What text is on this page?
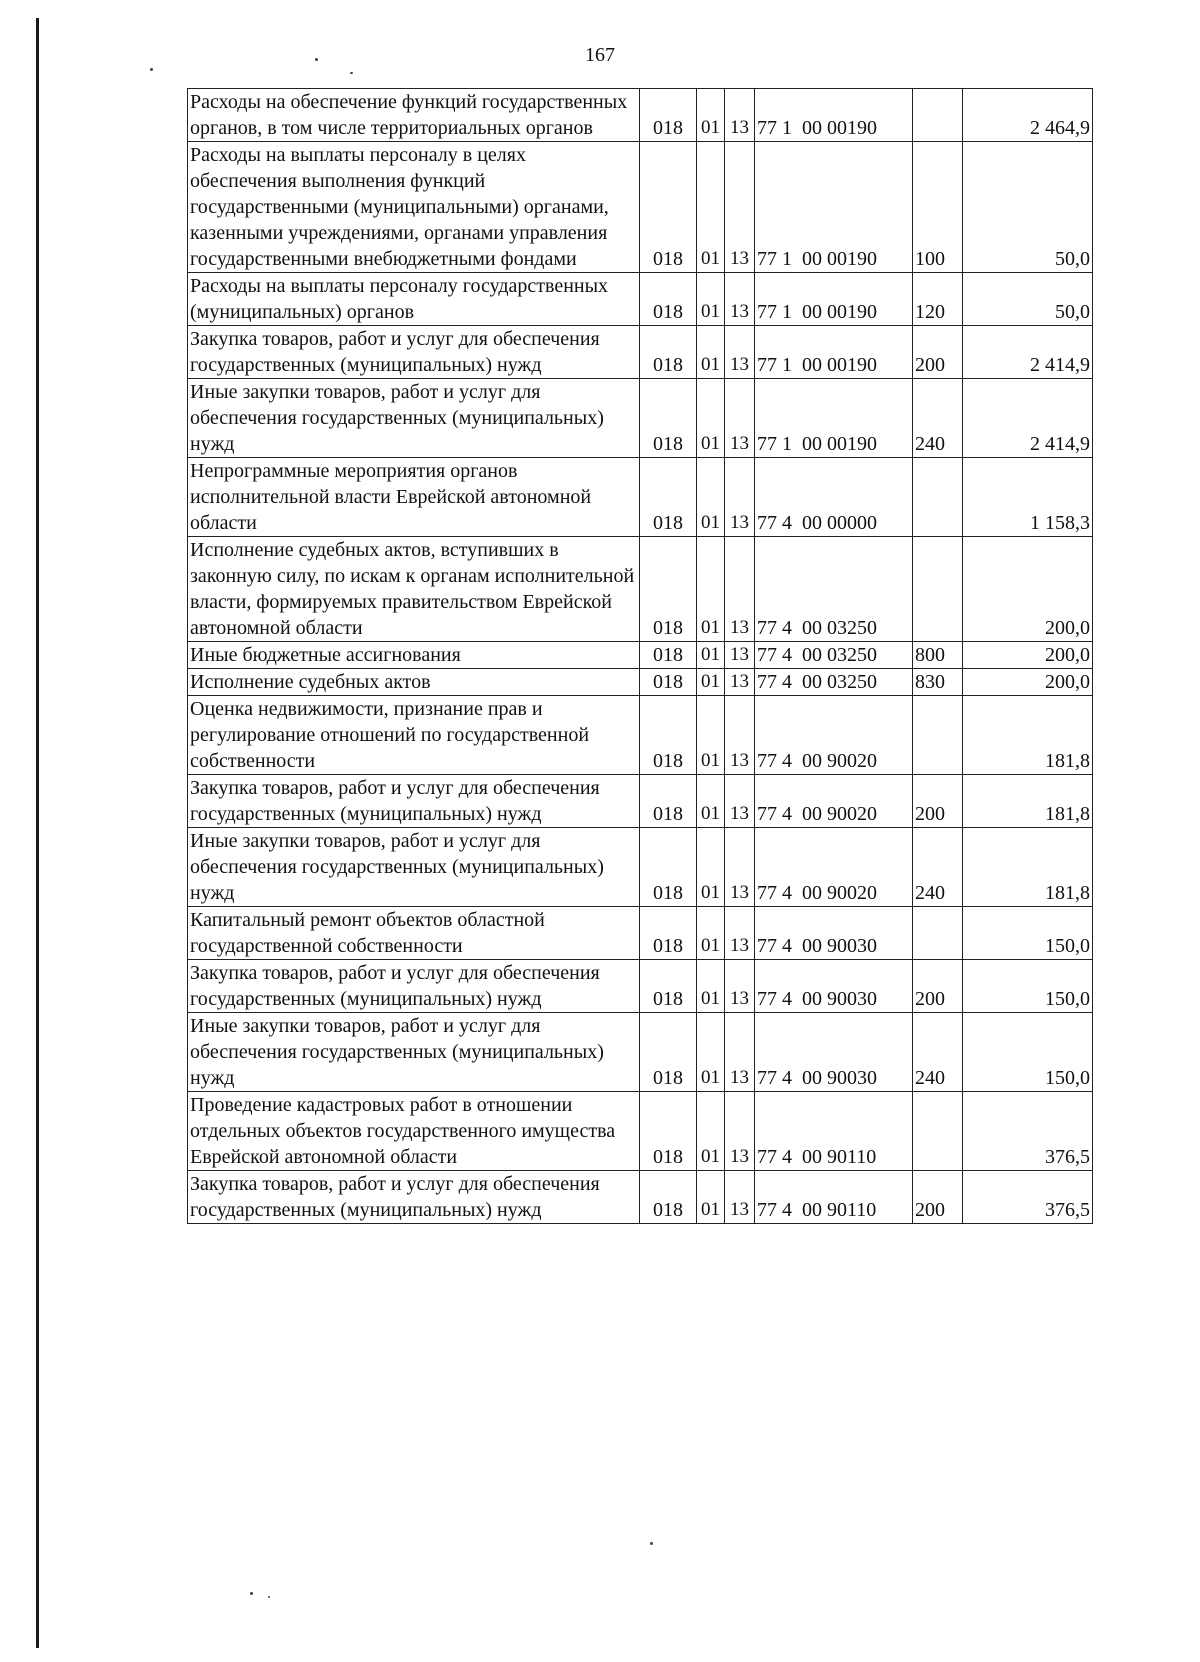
167
Расходы на обеспечение функций государственных органов, в том числе территориальных органов	018	01	13	77 1  00 00190		2 464,9
Расходы на выплаты персоналу в целях обеспечения выполнения функций государственными (муниципальными) органами, казенными учреждениями, органами управления государственными внебюджетными фондами	018	01	13	77 1  00 00190	100	50,0
Расходы на выплаты персоналу государственных (муниципальных) органов	018	01	13	77 1  00 00190	120	50,0
Закупка товаров, работ и услуг для обеспечения государственных (муниципальных) нужд	018	01	13	77 1  00 00190	200	2 414,9
Иные закупки товаров, работ и услуг для обеспечения государственных (муниципальных) нужд	018	01	13	77 1  00 00190	240	2 414,9
Непрограммные мероприятия органов исполнительной власти Еврейской автономной области	018	01	13	77 4  00 00000		1 158,3
Исполнение судебных актов, вступивших в законную силу, по искам к органам исполнительной власти, формируемых правительством Еврейской автономной области	018	01	13	77 4  00 03250		200,0
Иные бюджетные ассигнования	018	01	13	77 4  00 03250	800	200,0
Исполнение судебных актов	018	01	13	77 4  00 03250	830	200,0
Оценка недвижимости, признание прав и регулирование отношений по государственной собственности	018	01	13	77 4  00 90020		181,8
Закупка товаров, работ и услуг для обеспечения государственных (муниципальных) нужд	018	01	13	77 4  00 90020	200	181,8
Иные закупки товаров, работ и услуг для обеспечения государственных (муниципальных) нужд	018	01	13	77 4  00 90020	240	181,8
Капитальный ремонт объектов областной государственной собственности	018	01	13	77 4  00 90030		150,0
Закупка товаров, работ и услуг для обеспечения государственных (муниципальных) нужд	018	01	13	77 4  00 90030	200	150,0
Иные закупки товаров, работ и услуг для обеспечения государственных (муниципальных) нужд	018	01	13	77 4  00 90030	240	150,0
Проведение кадастровых работ в отношении отдельных объектов государственного имущества Еврейской автономной области	018	01	13	77 4  00 90110		376,5
Закупка товаров, работ и услуг для обеспечения государственных (муниципальных) нужд	018	01	13	77 4  00 90110	200	376,5
